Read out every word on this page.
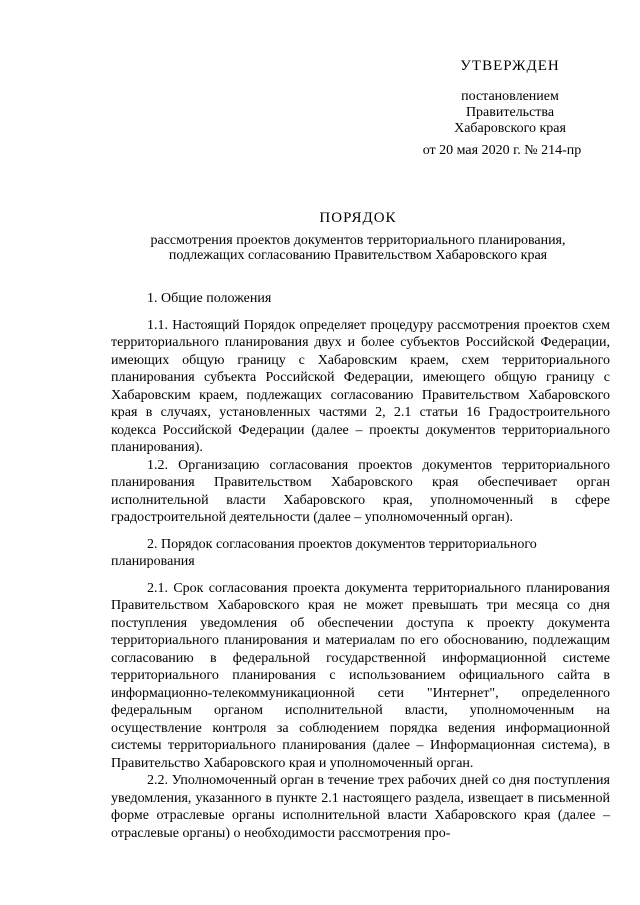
УТВЕРЖДЕН
постановлением
Правительства
Хабаровского края
от 20 мая 2020 г. № 214-пр
ПОРЯДОК
рассмотрения проектов документов территориального планирования, подлежащих согласованию Правительством Хабаровского края
1. Общие положения

1.1. Настоящий Порядок определяет процедуру рассмотрения проектов схем территориального планирования двух и более субъектов Российской Федерации, имеющих общую границу с Хабаровским краем, схем территориального планирования субъекта Российской Федерации, имеющего общую границу с Хабаровским краем, подлежащих согласованию Правительством Хабаровского края в случаях, установленных частями 2, 2.1 статьи 16 Градостроительного кодекса Российской Федерации (далее – проекты документов территориального планирования).

1.2. Организацию согласования проектов документов территориального планирования Правительством Хабаровского края обеспечивает орган исполнительной власти Хабаровского края, уполномоченный в сфере градостроительной деятельности (далее – уполномоченный орган).

2. Порядок согласования проектов документов территориального планирования

2.1. Срок согласования проекта документа территориального планирования Правительством Хабаровского края не может превышать три месяца со дня поступления уведомления об обеспечении доступа к проекту документа территориального планирования и материалам по его обоснованию, подлежащим согласованию в федеральной государственной информационной системе территориального планирования с использованием официального сайта в информационно-телекоммуникационной сети "Интернет", определенного федеральным органом исполнительной власти, уполномоченным на осуществление контроля за соблюдением порядка ведения информационной системы территориального планирования (далее – Информационная система), в Правительство Хабаровского края и уполномоченный орган.

2.2. Уполномоченный орган в течение трех рабочих дней со дня поступления уведомления, указанного в пункте 2.1 настоящего раздела, извещает в письменной форме отраслевые органы исполнительной власти Хабаровского края (далее – отраслевые органы) о необходимости рассмотрения про-
